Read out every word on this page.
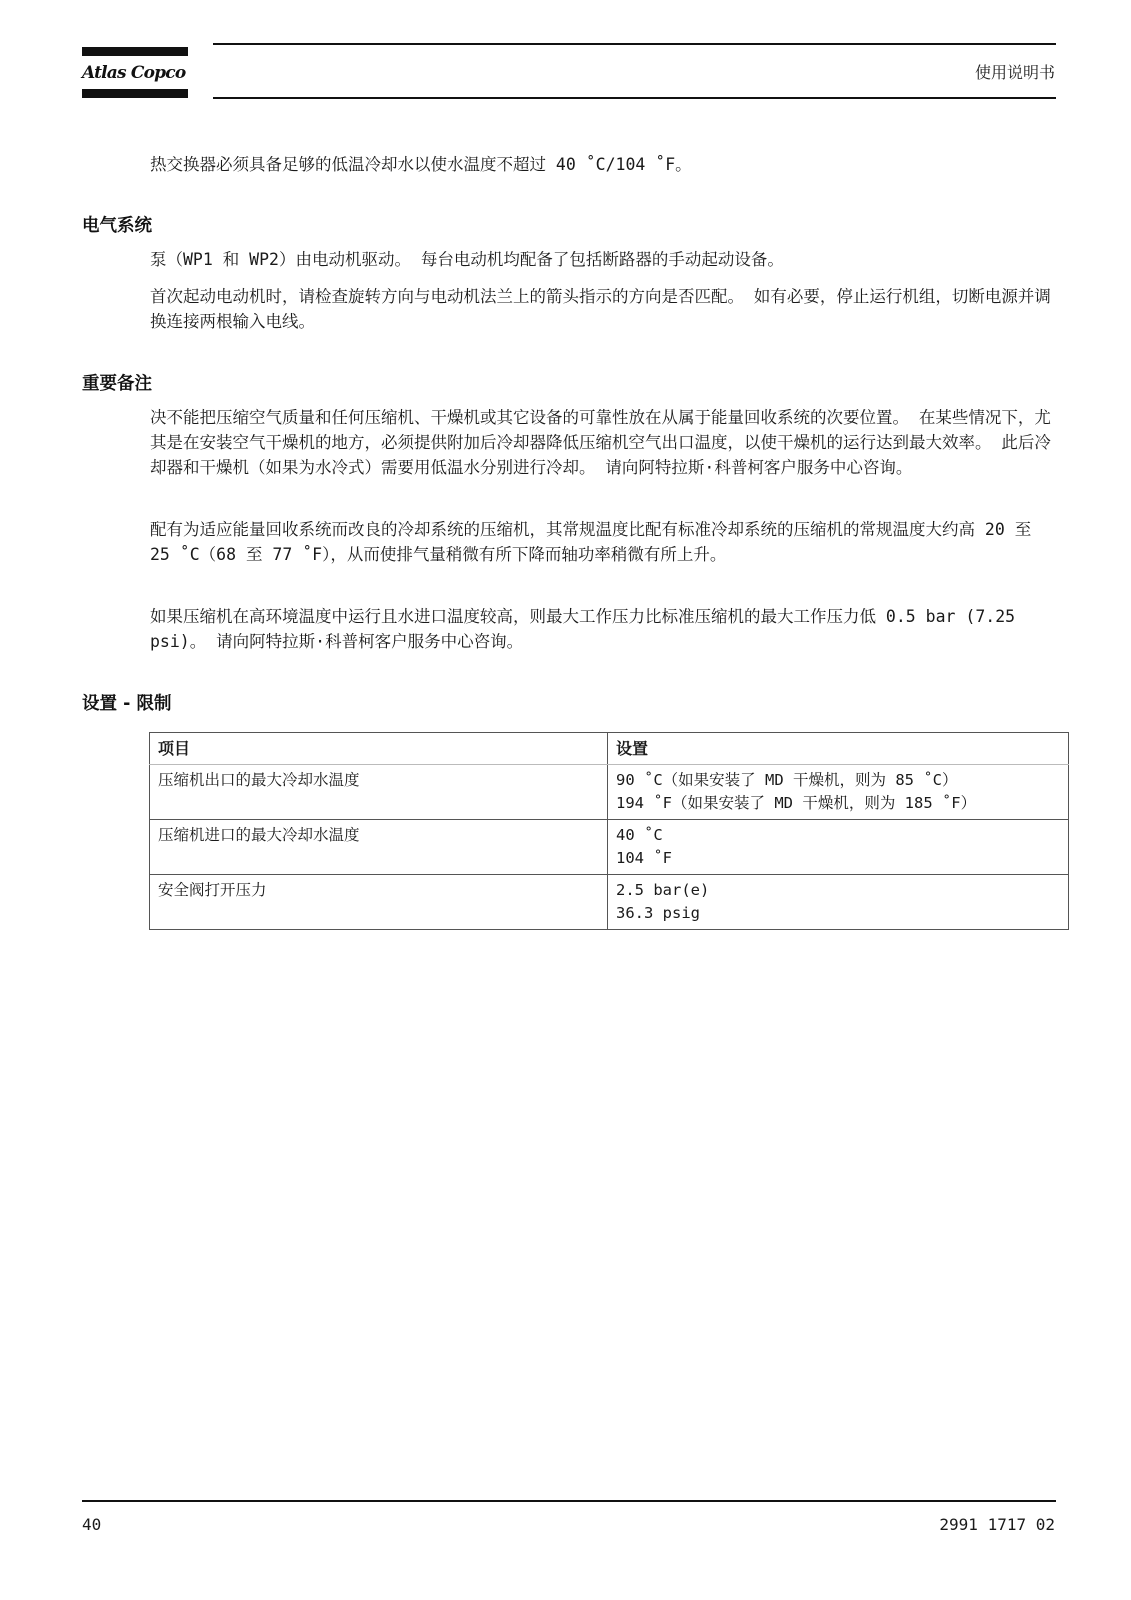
Atlas Copco	使用说明书

热交换器必须具备足够的低温冷却水以使水温度不超过 40 ˚C/104 ˚F。

电气系统

泵（WP1 和 WP2）由电动机驱动。 每台电动机均配备了包括断路器的手动起动设备。

首次起动电动机时，请检查旋转方向与电动机法兰上的箭头指示的方向是否匹配。 如有必要，停止运行机组，切断电源并调换连接两根输入电线。

重要备注

决不能把压缩空气质量和任何压缩机、干燥机或其它设备的可靠性放在从属于能量回收系统的次要位置。 在某些情况下，尤其是在安装空气干燥机的地方，必须提供附加后冷却器降低压缩机空气出口温度，以使干燥机的运行达到最大效率。 此后冷却器和干燥机（如果为水冷式）需要用低温水分别进行冷却。 请向阿特拉斯·科普柯客户服务中心咨询。

配有为适应能量回收系统而改良的冷却系统的压缩机，其常规温度比配有标准冷却系统的压缩机的常规温度大约高 20 至 25 ˚C（68 至 77 ˚F），从而使排气量稍微有所下降而轴功率稍微有所上升。

如果压缩机在高环境温度中运行且水进口温度较高，则最大工作压力比标准压缩机的最大工作压力低 0.5 bar (7.25 psi)。 请向阿特拉斯·科普柯客户服务中心咨询。

设置 - 限制
项目	设置
压缩机出口的最大冷却水温度	90 ˚C（如果安装了 MD 干燥机，则为 85 ˚C）
194 ˚F（如果安装了 MD 干燥机，则为 185 ˚F）

压缩机进口的最大冷却水温度	40 ˚C
104 ˚F

安全阀打开压力	2.5 bar(e)
36.3 psig
40	2991 1717 02
